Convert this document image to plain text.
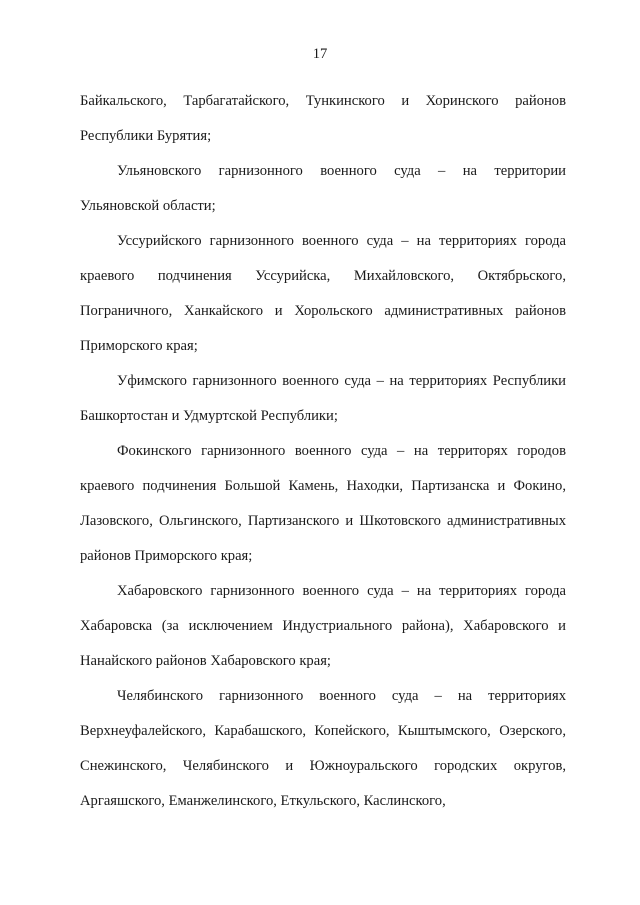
17

Байкальского, Тарбагатайского, Тункинского и Хоринского районов Республики Бурятия;

Ульяновского гарнизонного военного суда – на территории Ульяновской области;

Уссурийского гарнизонного военного суда – на территориях города краевого подчинения Уссурийска, Михайловского, Октябрьского, Пограничного, Ханкайского и Хорольского административных районов Приморского края;

Уфимского гарнизонного военного суда – на территориях Республики Башкортостан и Удмуртской Республики;

Фокинского гарнизонного военного суда – на территорях городов краевого подчинения Большой Камень, Находки, Партизанска и Фокино, Лазовского, Ольгинского, Партизанского и Шкотовского административных районов Приморского края;

Хабаровского гарнизонного военного суда – на территориях города Хабаровска (за исключением Индустриального района), Хабаровского и Нанайского районов Хабаровского края;

Челябинского гарнизонного военного суда – на территориях Верхнеуфалейского, Карабашского, Копейского, Кыштымского, Озерского, Снежинского, Челябинского и Южноуральского городских округов, Аргаяшского, Еманжелинского, Еткульского, Каслинского,
